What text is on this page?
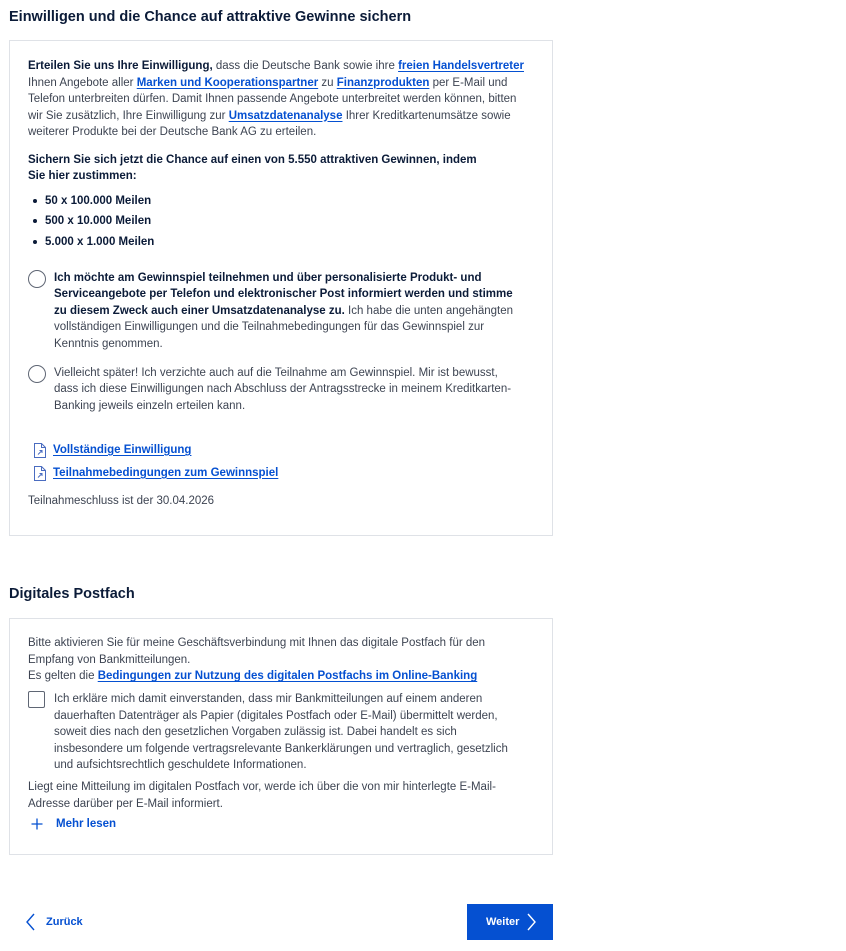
Einwilligen und die Chance auf attraktive Gewinne sichern

Erteilen Sie uns Ihre Einwilligung, dass die Deutsche Bank sowie ihre freien Handelsvertreter Ihnen Angebote aller Marken und Kooperationspartner zu Finanzprodukten per E-Mail und Telefon unterbreiten dürfen. Damit Ihnen passende Angebote unterbreitet werden können, bitten wir Sie zusätzlich, Ihre Einwilligung zur Umsatzdatenanalyse Ihrer Kreditkartenumsätze sowie weiterer Produkte bei der Deutsche Bank AG zu erteilen.

Sichern Sie sich jetzt die Chance auf einen von 5.550 attraktiven Gewinnen, indem Sie hier zustimmen:

50 x 100.000 Meilen
500 x 10.000 Meilen
5.000 x 1.000 Meilen
Ich möchte am Gewinnspiel teilnehmen und über personalisierte Produkt- und Serviceangebote per Telefon und elektronischer Post informiert werden und stimme zu diesem Zweck auch einer Umsatzdatenanalyse zu. Ich habe die unten angehängten vollständigen Einwilligungen und die Teilnahmebedingungen für das Gewinnspiel zur Kenntnis genommen.
Vielleicht später! Ich verzichte auch auf die Teilnahme am Gewinnspiel. Mir ist bewusst, dass ich diese Einwilligungen nach Abschluss der Antragsstrecke in meinem Kreditkarten-Banking jeweils einzeln erteilen kann.
Vollständige Einwilligung
Teilnahmebedingungen zum Gewinnspiel

Teilnahmeschluss ist der 30.04.2026

Digitales Postfach

Bitte aktivieren Sie für meine Geschäftsverbindung mit Ihnen das digitale Postfach für den Empfang von Bankmitteilungen.

Es gelten die Bedingungen zur Nutzung des digitalen Postfachs im Online-Banking

Ich erkläre mich damit einverstanden, dass mir Bankmitteilungen auf einem anderen dauerhaften Datenträger als Papier (digitales Postfach oder E-Mail) übermittelt werden, soweit dies nach den gesetzlichen Vorgaben zulässig ist. Dabei handelt es sich insbesondere um folgende vertragsrelevante Bankerklärungen und vertraglich, gesetzlich und aufsichtsrechtlich geschuldete Informationen.

Liegt eine Mitteilung im digitalen Postfach vor, werde ich über die von mir hinterlegte E-Mail-Adresse darüber per E-Mail informiert.

Mehr lesen
Zurück	Weiter
